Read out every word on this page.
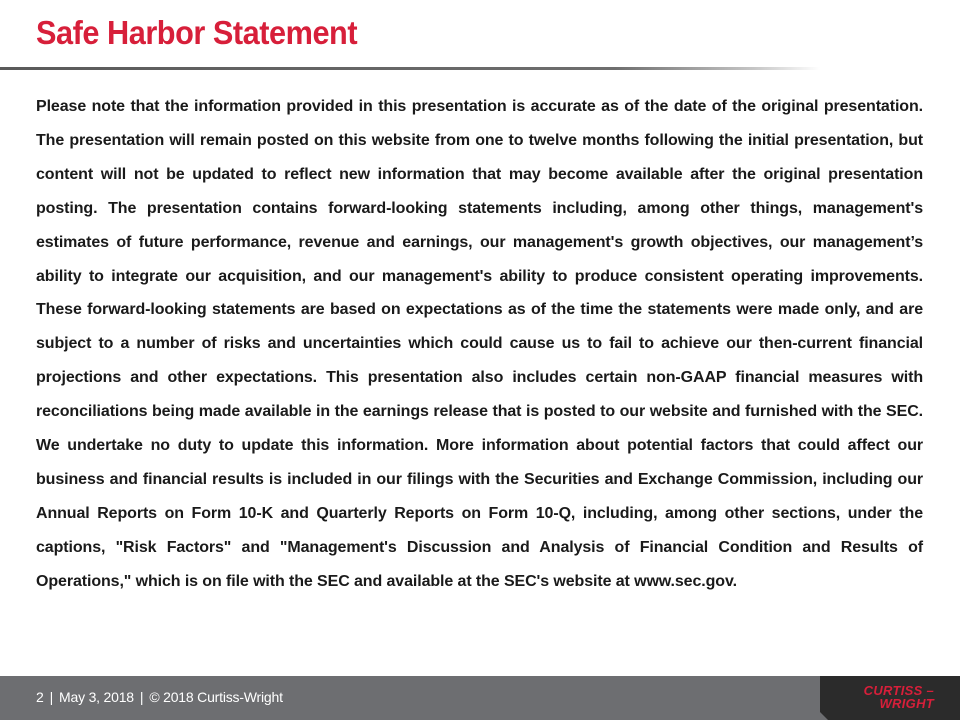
Safe Harbor Statement

Please note that the information provided in this presentation is accurate as of the date of the original presentation. The presentation will remain posted on this website from one to twelve months following the initial presentation, but content will not be updated to reflect new information that may become available after the original presentation posting. The presentation contains forward-looking statements including, among other things, management's estimates of future performance, revenue and earnings, our management's growth objectives, our management’s ability to integrate our acquisition, and our management's ability to produce consistent operating improvements. These forward-looking statements are based on expectations as of the time the statements were made only, and are subject to a number of risks and uncertainties which could cause us to fail to achieve our then-current financial projections and other expectations. This presentation also includes certain non-GAAP financial measures with reconciliations being made available in the earnings release that is posted to our website and furnished with the SEC. We undertake no duty to update this information. More information about potential factors that could affect our business and financial results is included in our filings with the Securities and Exchange Commission, including our Annual Reports on Form 10-K and Quarterly Reports on Form 10-Q, including, among other sections, under the captions, "Risk Factors" and "Management's Discussion and Analysis of Financial Condition and Results of Operations," which is on file with the SEC and available at the SEC's website at www.sec.gov.

2 | May 3, 2018 | © 2018 Curtiss-Wright	CURTISS –
WRIGHT
